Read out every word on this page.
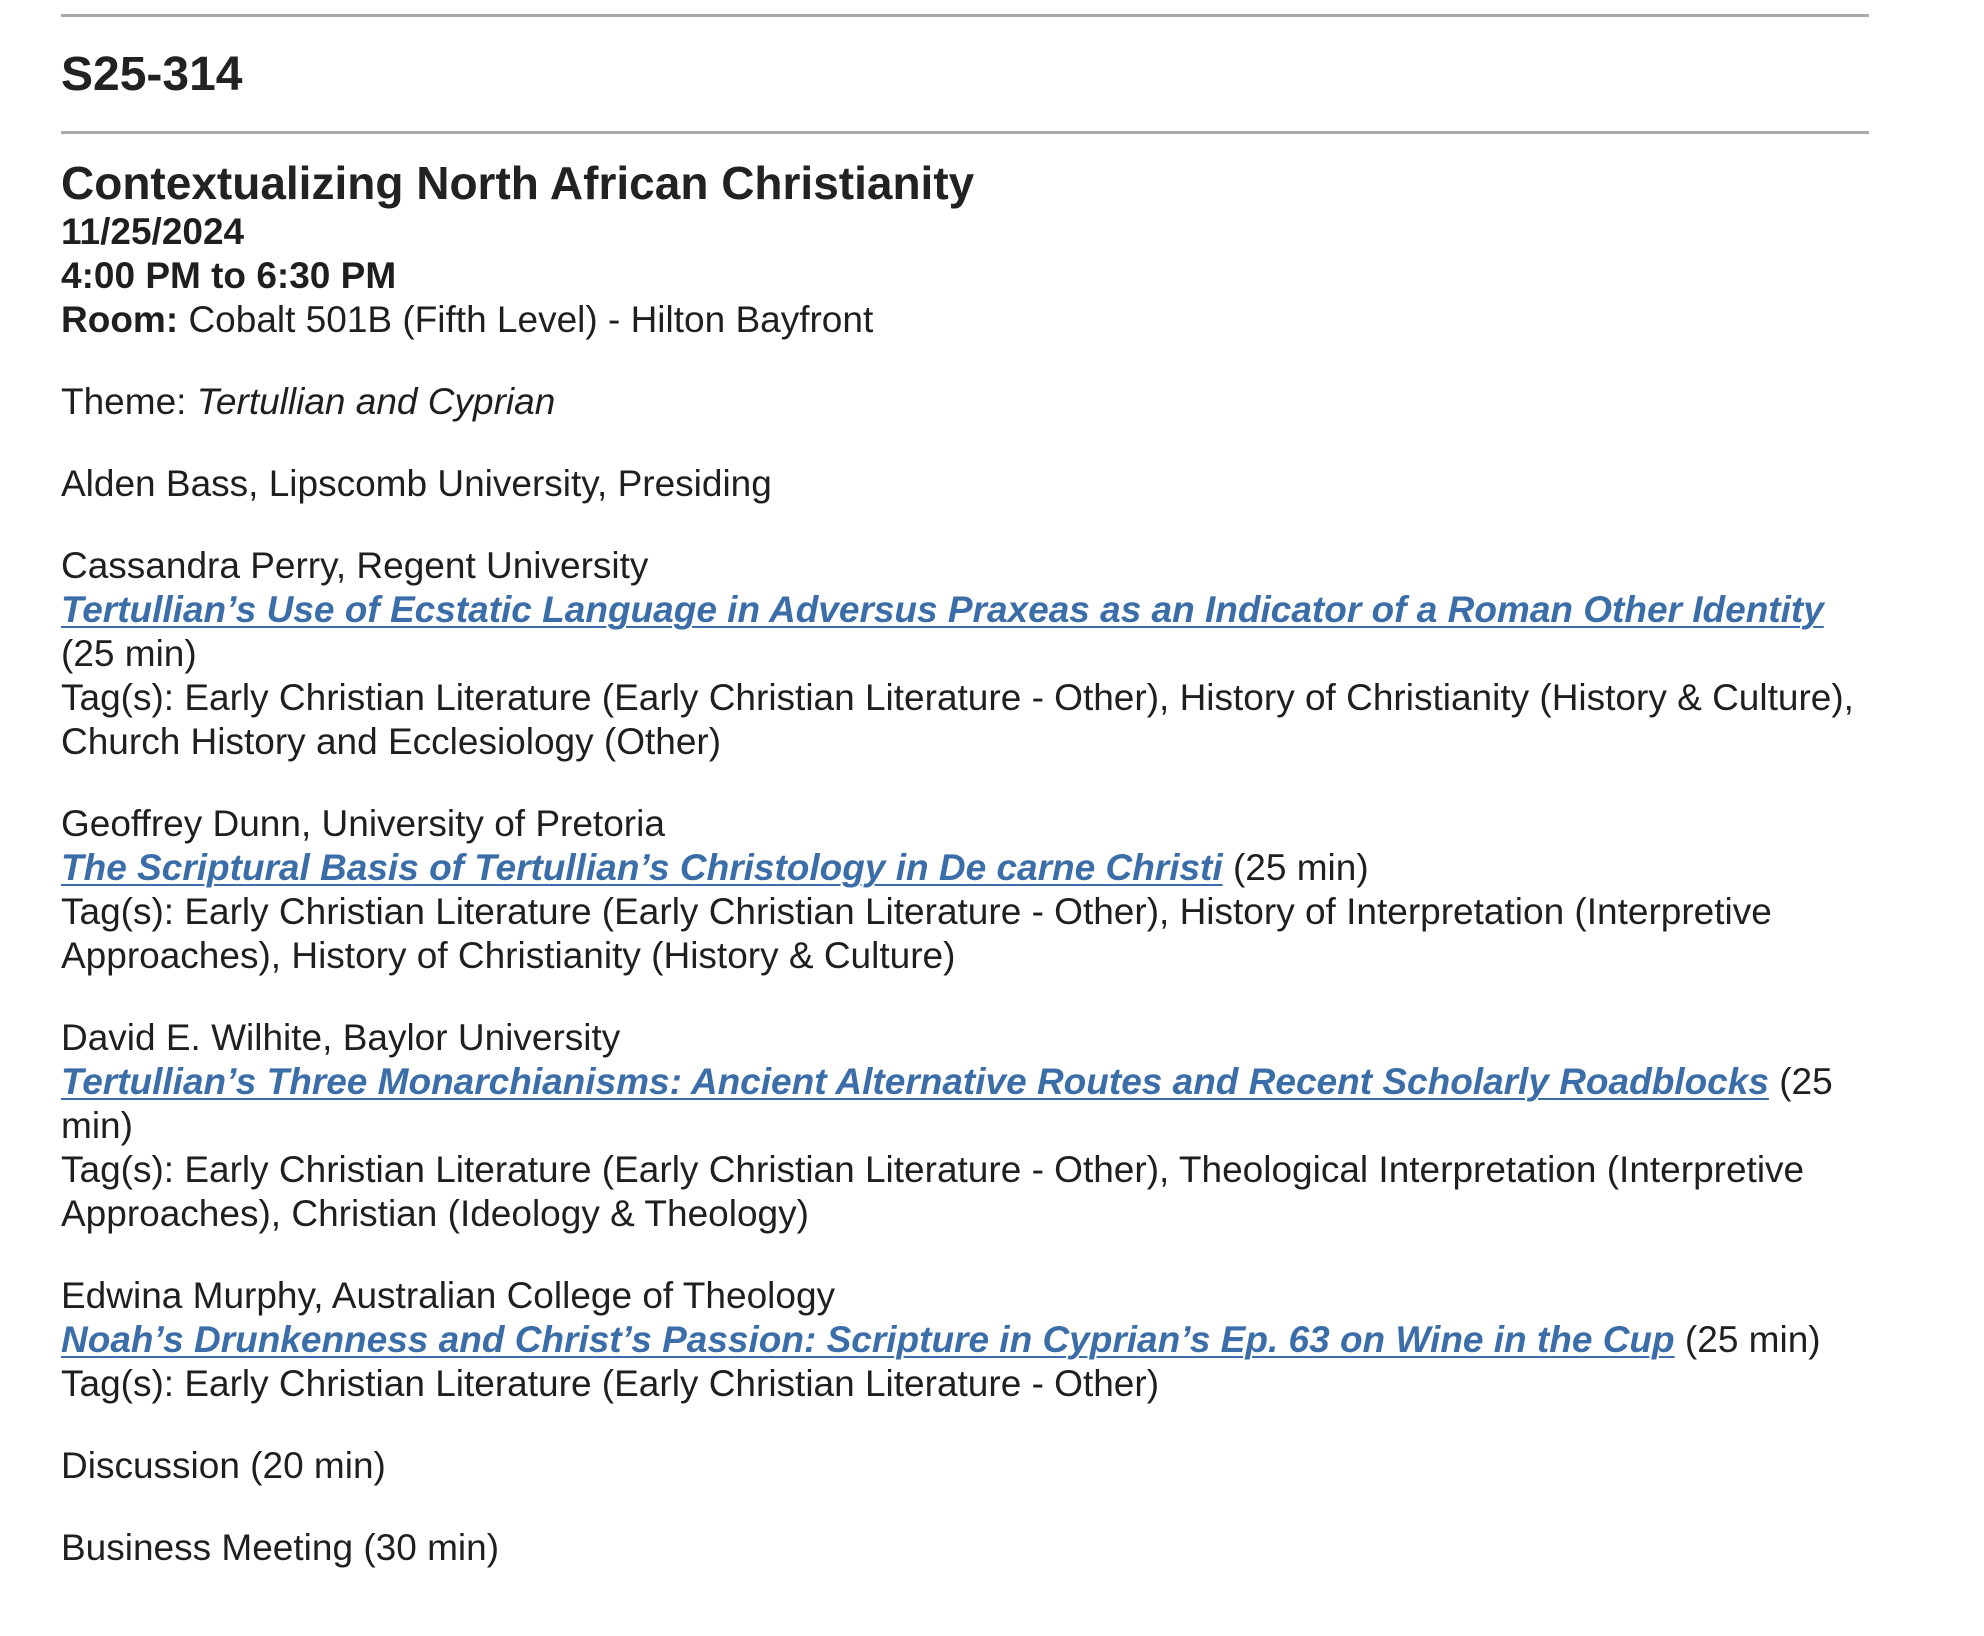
S25-314
Contextualizing North African Christianity
11/25/2024
4:00 PM to 6:30 PM
Room: Cobalt 501B (Fifth Level) - Hilton Bayfront
Theme: Tertullian and Cyprian
Alden Bass, Lipscomb University, Presiding
Cassandra Perry, Regent University
Tertullian’s Use of Ecstatic Language in Adversus Praxeas as an Indicator of a Roman Other Identity (25 min)
Tag(s): Early Christian Literature (Early Christian Literature - Other), History of Christianity (History & Culture), Church History and Ecclesiology (Other)
Geoffrey Dunn, University of Pretoria
The Scriptural Basis of Tertullian’s Christology in De carne Christi (25 min)
Tag(s): Early Christian Literature (Early Christian Literature - Other), History of Interpretation (Interpretive Approaches), History of Christianity (History & Culture)
David E. Wilhite, Baylor University
Tertullian’s Three Monarchianisms: Ancient Alternative Routes and Recent Scholarly Roadblocks (25 min)
Tag(s): Early Christian Literature (Early Christian Literature - Other), Theological Interpretation (Interpretive Approaches), Christian (Ideology & Theology)
Edwina Murphy, Australian College of Theology
Noah’s Drunkenness and Christ’s Passion: Scripture in Cyprian’s Ep. 63 on Wine in the Cup (25 min)
Tag(s): Early Christian Literature (Early Christian Literature - Other)
Discussion (20 min)
Business Meeting (30 min)
